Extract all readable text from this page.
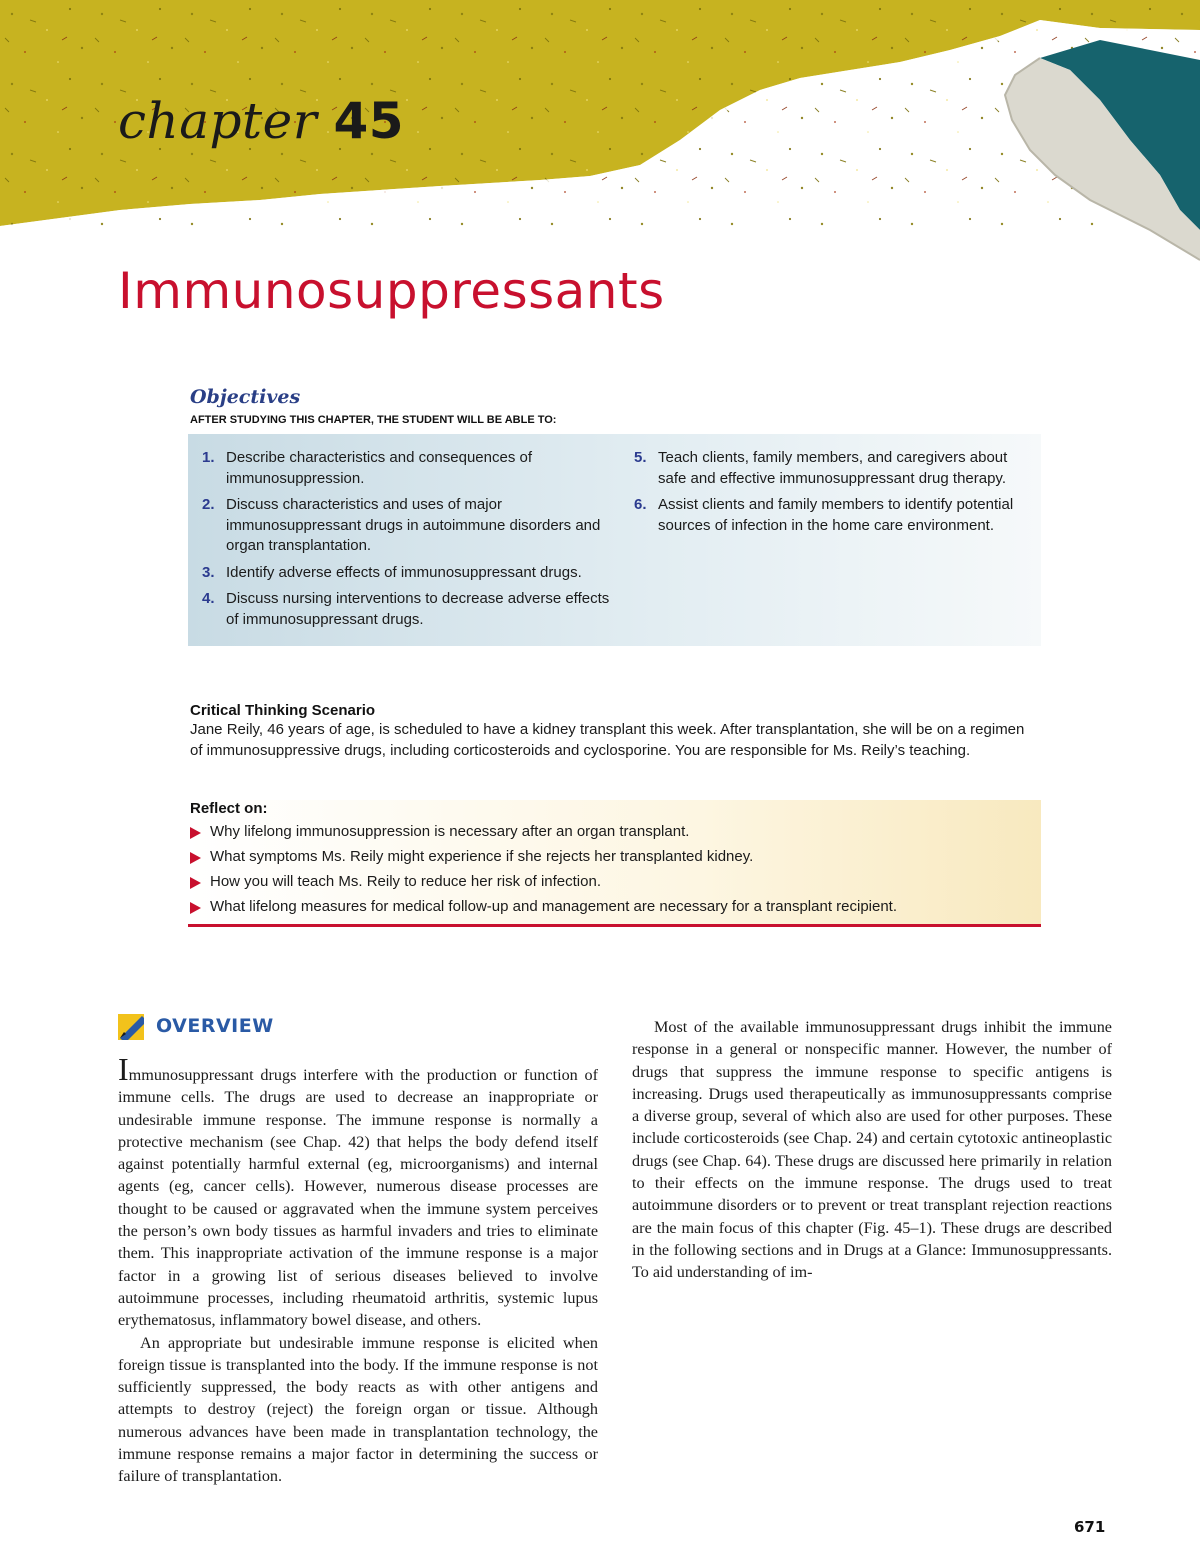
chapter 45
Immunosuppressants
Objectives

AFTER STUDYING THIS CHAPTER, THE STUDENT WILL BE ABLE TO:

1. Describe characteristics and consequences of immunosuppression.
2. Discuss characteristics and uses of major immunosuppressant drugs in autoimmune disorders and organ transplantation.
3. Identify adverse effects of immunosuppressant drugs.
4. Discuss nursing interventions to decrease adverse effects of immunosuppressant drugs.
5. Teach clients, family members, and caregivers about safe and effective immunosuppressant drug therapy.
6. Assist clients and family members to identify potential sources of infection in the home care environment.
Critical Thinking Scenario

Jane Reily, 46 years of age, is scheduled to have a kidney transplant this week. After transplantation, she will be on a regimen of immunosuppressive drugs, including corticosteroids and cyclosporine. You are responsible for Ms. Reily’s teaching.

Reflect on:
Why lifelong immunosuppression is necessary after an organ transplant.
What symptoms Ms. Reily might experience if she rejects her transplanted kidney.
How you will teach Ms. Reily to reduce her risk of infection.
What lifelong measures for medical follow-up and management are necessary for a transplant recipient.
OVERVIEW

Immunosuppressant drugs interfere with the production or function of immune cells. The drugs are used to decrease an inappropriate or undesirable immune response. The immune response is normally a protective mechanism (see Chap. 42) that helps the body defend itself against potentially harmful external (eg, microorganisms) and internal agents (eg, cancer cells). However, numerous disease processes are thought to be caused or aggravated when the immune system perceives the person’s own body tissues as harmful invaders and tries to eliminate them. This inappropriate activation of the immune response is a major factor in a growing list of serious diseases believed to involve autoimmune processes, including rheumatoid arthritis, systemic lupus erythematosus, inflammatory bowel disease, and others.

An appropriate but undesirable immune response is elicited when foreign tissue is transplanted into the body. If the immune response is not sufficiently suppressed, the body reacts as with other antigens and attempts to destroy (reject) the foreign organ or tissue. Although numerous advances have been made in transplantation technology, the immune response remains a major factor in determining the success or failure of transplantation.

Most of the available immunosuppressant drugs inhibit the immune response in a general or nonspecific manner. However, the number of drugs that suppress the immune response to specific antigens is increasing. Drugs used therapeutically as immunosuppressants comprise a diverse group, several of which also are used for other purposes. These include corticosteroids (see Chap. 24) and certain cytotoxic antineoplastic drugs (see Chap. 64). These drugs are discussed here primarily in relation to their effects on the immune response. The drugs used to treat autoimmune disorders or to prevent or treat transplant rejection reactions are the main focus of this chapter (Fig. 45–1). These drugs are described in the following sections and in Drugs at a Glance: Immunosuppressants. To aid understanding of im-

671
